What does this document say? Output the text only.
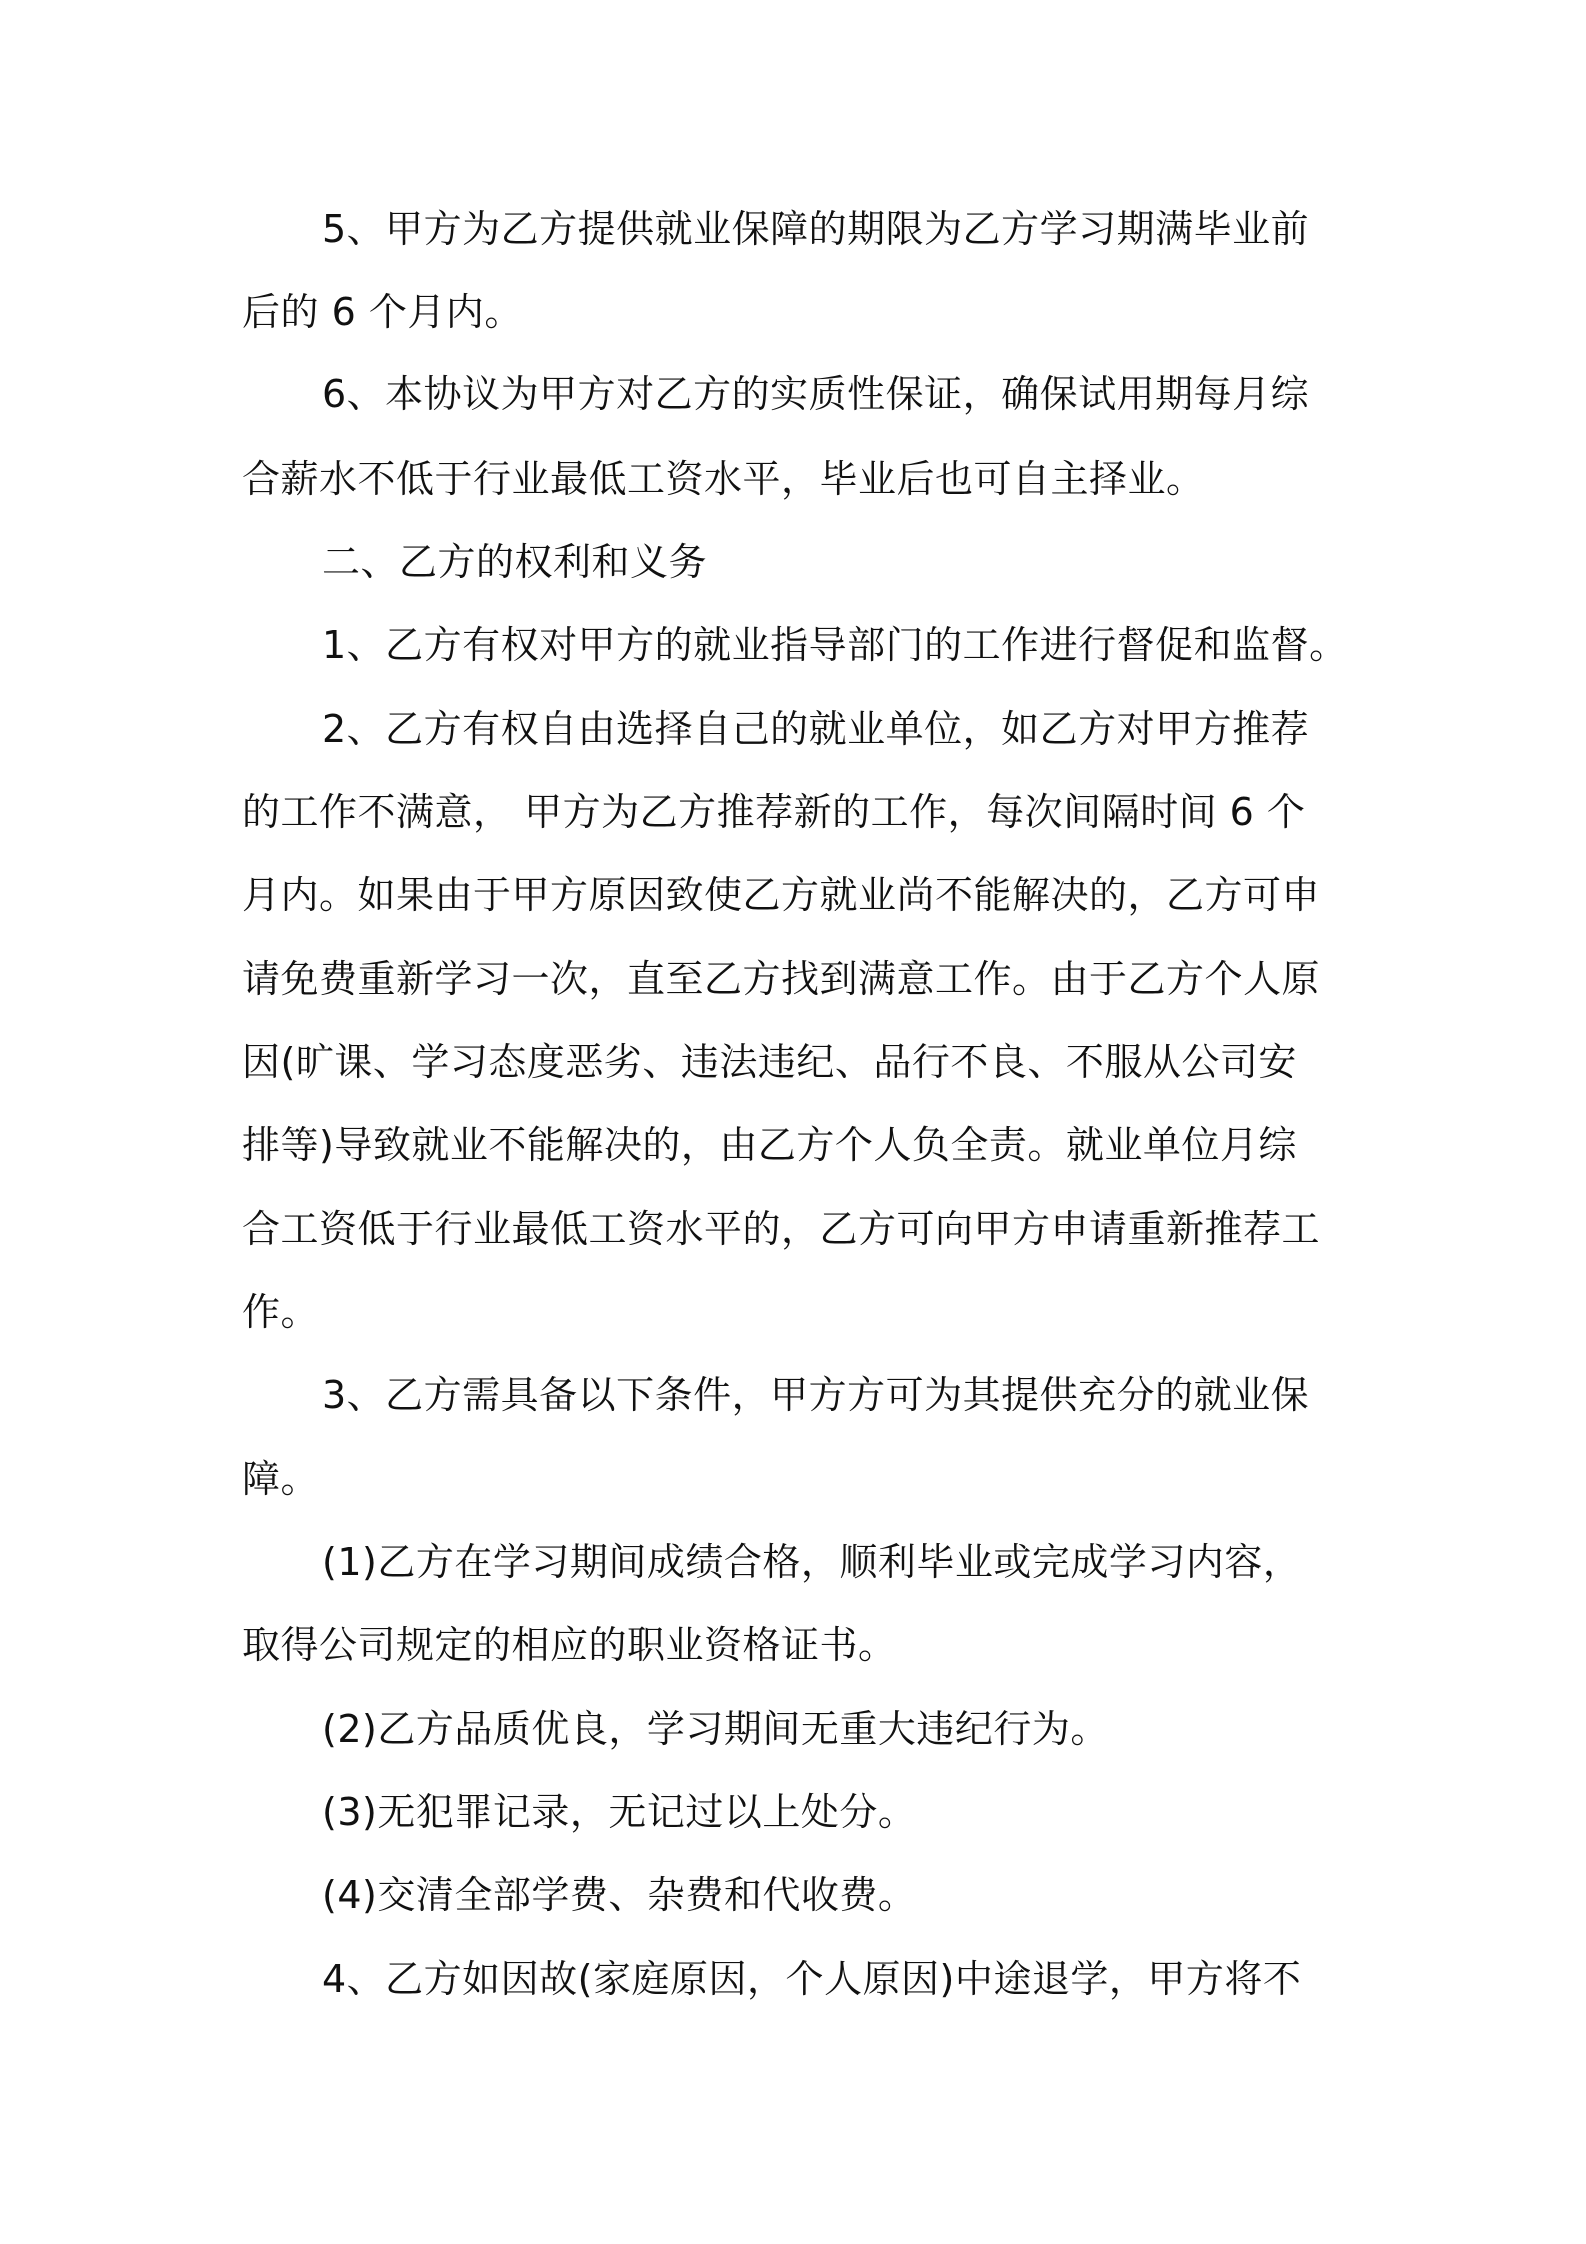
5、甲方为乙方提供就业保障的期限为乙方学习期满毕业前
后的 6 个月内。
6、本协议为甲方对乙方的实质性保证，确保试用期每月综
合薪水不低于行业最低工资水平，毕业后也可自主择业。
二、乙方的权利和义务
1、乙方有权对甲方的就业指导部门的工作进行督促和监督。
2、乙方有权自由选择自己的就业单位，如乙方对甲方推荐
的工作不满意， 甲方为乙方推荐新的工作，每次间隔时间 6 个
月内。如果由于甲方原因致使乙方就业尚不能解决的，乙方可申
请免费重新学习一次，直至乙方找到满意工作。由于乙方个人原
因(旷课、学习态度恶劣、违法违纪、品行不良、不服从公司安
排等)导致就业不能解决的，由乙方个人负全责。就业单位月综
合工资低于行业最低工资水平的，乙方可向甲方申请重新推荐工
作。
3、乙方需具备以下条件，甲方方可为其提供充分的就业保
障。
(1)乙方在学习期间成绩合格，顺利毕业或完成学习内容，
取得公司规定的相应的职业资格证书。
(2)乙方品质优良，学习期间无重大违纪行为。
(3)无犯罪记录，无记过以上处分。
(4)交清全部学费、杂费和代收费。
4、乙方如因故(家庭原因，个人原因)中途退学，甲方将不
